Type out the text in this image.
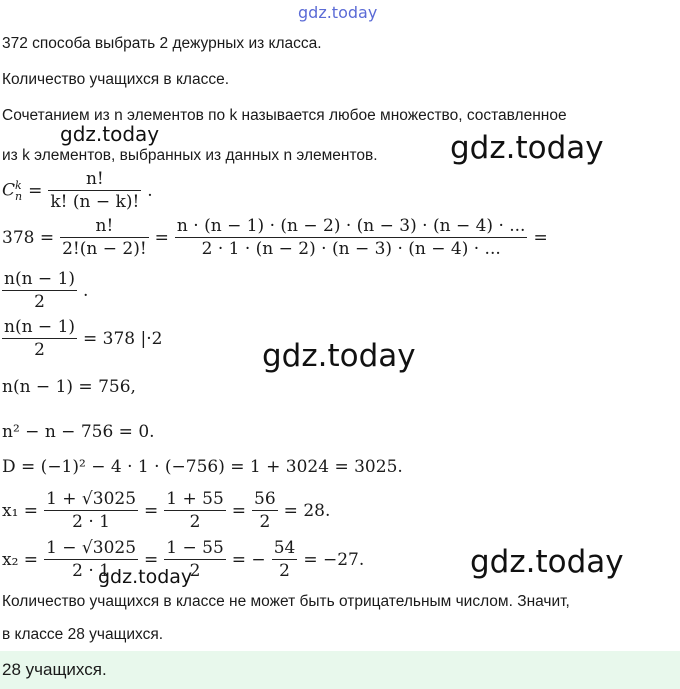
gdz.today
gdz.today	gdz.today
gdz.today
gdz.today
gdz.today
372 способа выбрать 2 дежурных из класса.
Количество учащихся в классе.
Сочетанием из n элементов по k называется любое множество, составленное
из k элементов, выбранных из данных n элементов.
C k
$n = \frac{n!}{k! (n - k)!}$ .
$378 = \frac{n!}{2!(n - 2)!} = \frac{n \cdot (n - 1) \cdot (n - 2) \cdot (n - 3) \cdot (n - 4) \cdot ...}{2 \cdot 1 \cdot (n - 2) \cdot (n - 3) \cdot (n - 4) \cdot ...}$ =
$\frac{n(n - 1)}{2}$ .
$\frac{n(n - 1)}{2} = 378$ |·2
n(n − 1) = 756,
n² − n − 756 = 0.
D = (−1)² − 4 · 1 · (−756) = 1 + 3024 = 3025.
$x_1 = \frac{1 + √3025}{2 \cdot 1} = \frac{1 + 55}{2} = \frac{56}{2} = 28$.
$x_2 = \frac{1 - √3025}{2 \cdot 1} = \frac{1 - 55}{2}$ = − $\frac{54}{2} = -27$.
Количество учащихся в классе не может быть отрицательным числом. Значит,
в классе 28 учащихся.
28 учащихся.
